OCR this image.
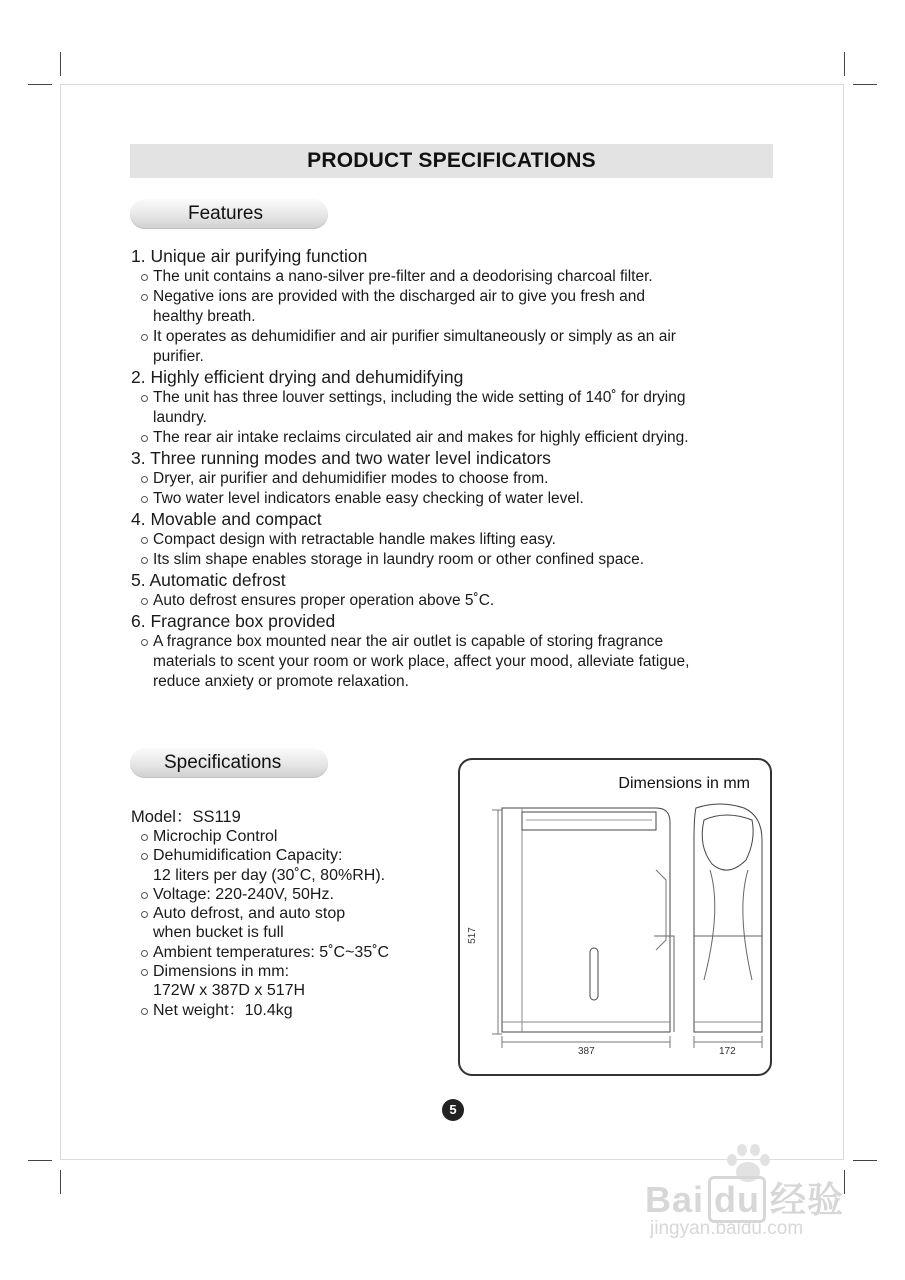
PRODUCT SPECIFICATIONS
Features

1. Unique air purifying function

The unit contains a nano-silver pre-filter and a deodorising charcoal filter.

Negative ions are provided with the discharged air to give you fresh and

healthy breath.

It operates as dehumidifier and air purifier simultaneously or simply as an air

purifier.

2. Highly efficient drying and dehumidifying

The unit has three louver settings, including the wide setting of 140˚ for drying

laundry.

The rear air intake reclaims circulated air and makes for highly efficient drying.

3. Three running modes and two water level indicators

Dryer, air purifier and dehumidifier modes to choose from.

Two water level indicators enable easy checking of water level.

4. Movable and compact

Compact design with retractable handle makes lifting easy.

Its slim shape enables storage in laundry room or other confined space.

5. Automatic defrost

Auto defrost ensures proper operation above 5˚C.

6. Fragrance box provided

A fragrance box mounted near the air outlet is capable of storing fragrance

materials to scent your room or work place, affect your mood, alleviate fatigue,

reduce anxiety or promote relaxation.

Specifications

Model：SS119

Microchip Control

Dehumidification Capacity:

12 liters per day (30˚C, 80%RH).

Voltage: 220-240V, 50Hz.

Auto defrost, and auto stop

when bucket is full

Ambient temperatures: 5˚C~35˚C

Dimensions in mm:

172W x 387D x 517H

Net weight：10.4kg

Dimensions in mm
517
387	172
5
Bai du 经验
jingyan.baidu.com
